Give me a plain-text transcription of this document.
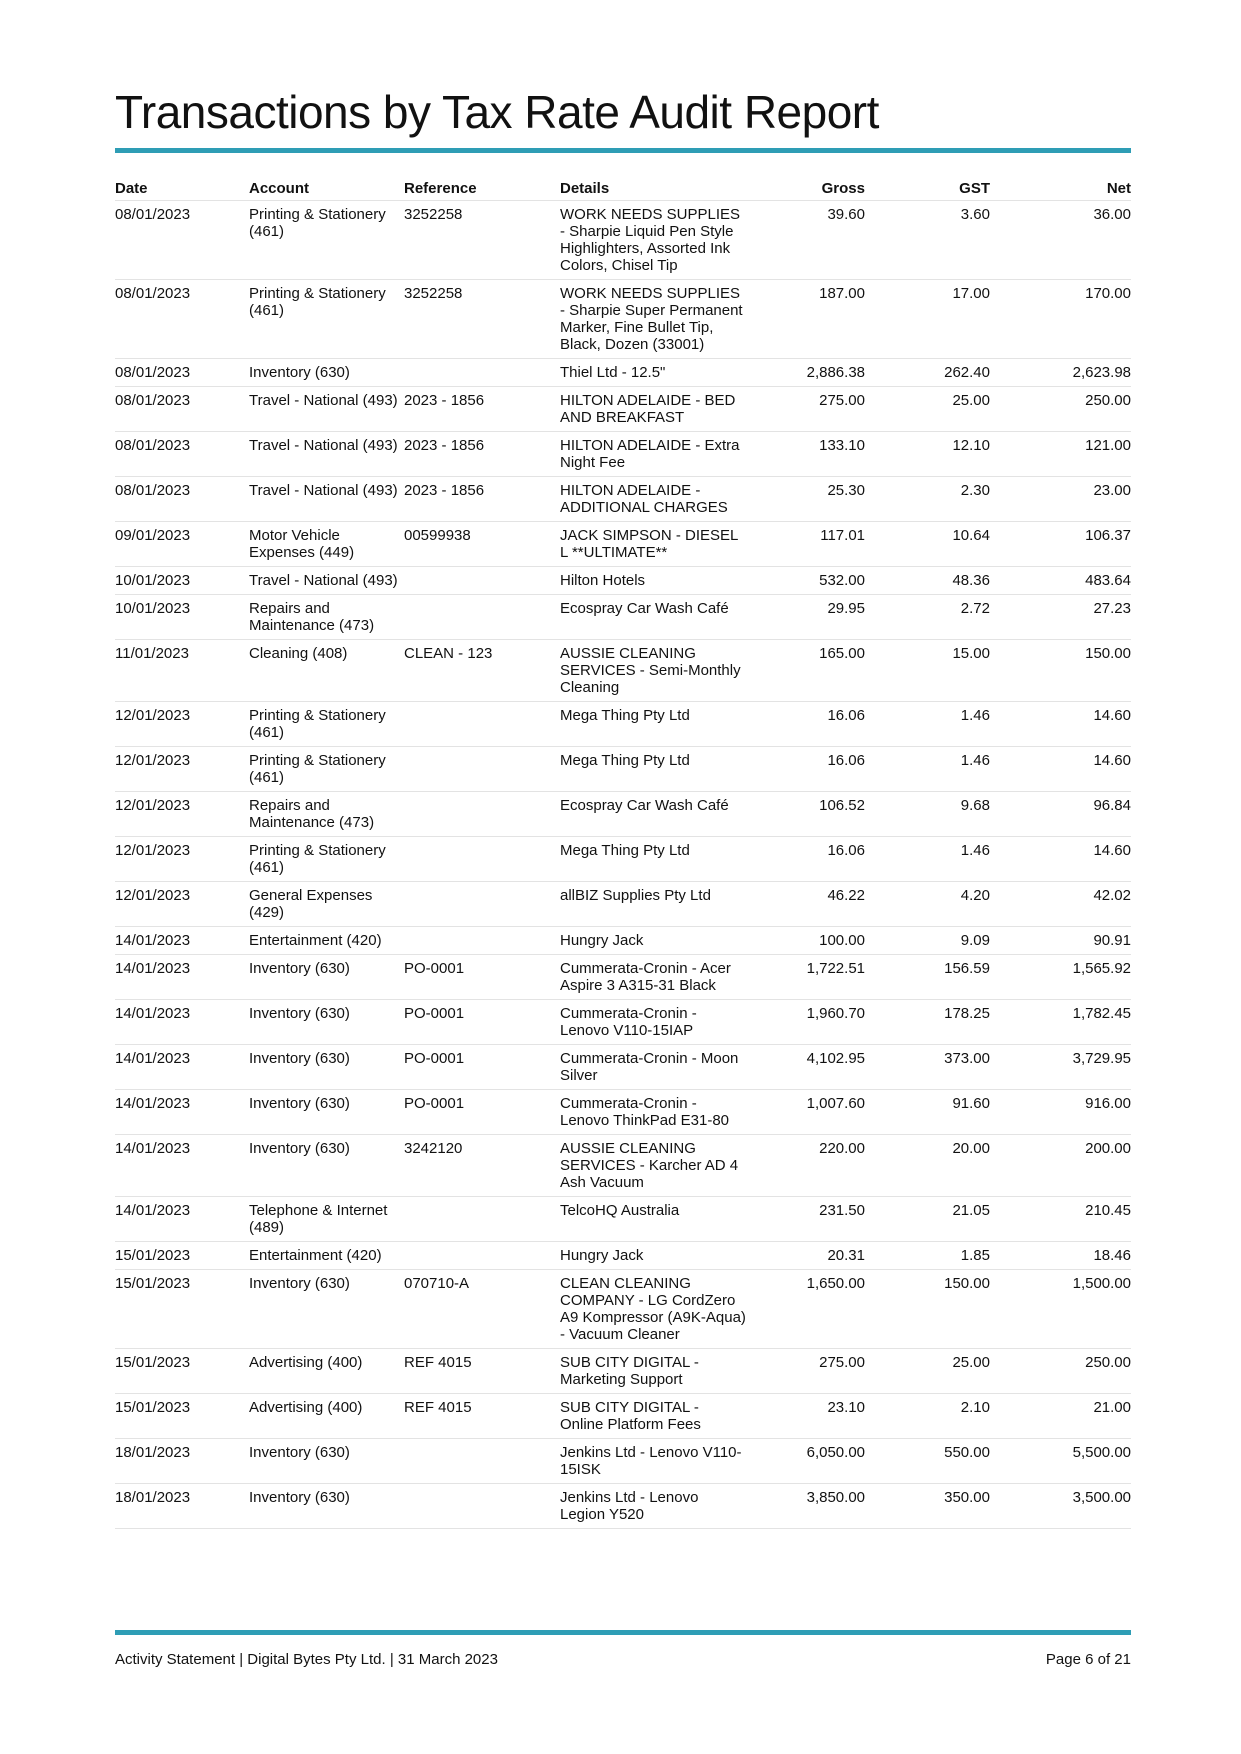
Transactions by Tax Rate Audit Report
Date	Account	Reference	Details	Gross	GST	Net
08/01/2023	Printing & Stationery (461)	3252258	WORK NEEDS SUPPLIES - Sharpie Liquid Pen Style Highlighters, Assorted Ink Colors, Chisel Tip	39.60	3.60	36.00
08/01/2023	Printing & Stationery (461)	3252258	WORK NEEDS SUPPLIES - Sharpie Super Permanent Marker, Fine Bullet Tip, Black, Dozen (33001)	187.00	17.00	170.00
08/01/2023	Inventory (630)		Thiel Ltd - 12.5"	2,886.38	262.40	2,623.98
08/01/2023	Travel - National (493)	2023 - 1856	HILTON ADELAIDE - BED AND BREAKFAST	275.00	25.00	250.00
08/01/2023	Travel - National (493)	2023 - 1856	HILTON ADELAIDE - Extra Night Fee	133.10	12.10	121.00
08/01/2023	Travel - National (493)	2023 - 1856	HILTON ADELAIDE - ADDITIONAL CHARGES	25.30	2.30	23.00
09/01/2023	Motor Vehicle Expenses (449)	00599938	JACK SIMPSON - DIESEL L **ULTIMATE**	117.01	10.64	106.37
10/01/2023	Travel - National (493)		Hilton Hotels	532.00	48.36	483.64
10/01/2023	Repairs and Maintenance (473)		Ecospray Car Wash Café	29.95	2.72	27.23
11/01/2023	Cleaning (408)	CLEAN - 123	AUSSIE CLEANING SERVICES - Semi-Monthly Cleaning	165.00	15.00	150.00
12/01/2023	Printing & Stationery (461)		Mega Thing Pty Ltd	16.06	1.46	14.60
12/01/2023	Printing & Stationery (461)		Mega Thing Pty Ltd	16.06	1.46	14.60
12/01/2023	Repairs and Maintenance (473)		Ecospray Car Wash Café	106.52	9.68	96.84
12/01/2023	Printing & Stationery (461)		Mega Thing Pty Ltd	16.06	1.46	14.60
12/01/2023	General Expenses (429)		allBIZ Supplies Pty Ltd	46.22	4.20	42.02
14/01/2023	Entertainment (420)		Hungry Jack	100.00	9.09	90.91
14/01/2023	Inventory (630)	PO-0001	Cummerata-Cronin - Acer Aspire 3 A315-31 Black	1,722.51	156.59	1,565.92
14/01/2023	Inventory (630)	PO-0001	Cummerata-Cronin - Lenovo V110-15IAP	1,960.70	178.25	1,782.45
14/01/2023	Inventory (630)	PO-0001	Cummerata-Cronin - Moon Silver	4,102.95	373.00	3,729.95
14/01/2023	Inventory (630)	PO-0001	Cummerata-Cronin - Lenovo ThinkPad E31-80	1,007.60	91.60	916.00
14/01/2023	Inventory (630)	3242120	AUSSIE CLEANING SERVICES - Karcher AD 4 Ash Vacuum	220.00	20.00	200.00
14/01/2023	Telephone & Internet (489)		TelcoHQ Australia	231.50	21.05	210.45
15/01/2023	Entertainment (420)		Hungry Jack	20.31	1.85	18.46
15/01/2023	Inventory (630)	070710-A	CLEAN CLEANING COMPANY - LG CordZero A9 Kompressor (A9K-Aqua) - Vacuum Cleaner	1,650.00	150.00	1,500.00
15/01/2023	Advertising (400)	REF 4015	SUB CITY DIGITAL - Marketing Support	275.00	25.00	250.00
15/01/2023	Advertising (400)	REF 4015	SUB CITY DIGITAL - Online Platform Fees	23.10	2.10	21.00
18/01/2023	Inventory (630)		Jenkins Ltd - Lenovo V110-15ISK	6,050.00	550.00	5,500.00
18/01/2023	Inventory (630)		Jenkins Ltd - Lenovo Legion Y520	3,850.00	350.00	3,500.00
Activity Statement | Digital Bytes Pty Ltd. | 31 March 2023	Page 6 of 21
